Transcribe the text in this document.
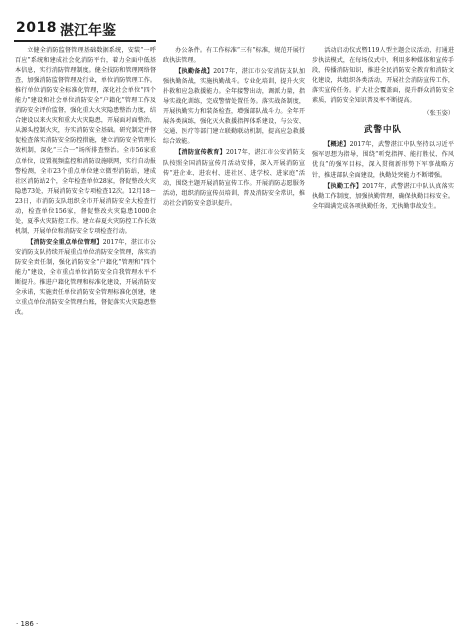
2018 湛江年鉴

立健全消防监督管理基础数据系统，安装“一呼百应”系统和建成社会化消防平台，着力全面中低基本信息，实行消防管理制度。健全技防和管理网络督查，加强消防监督管理及行业，单位消防管理工作。推行单位消防安全标准化管理，深化社会单位“四个能力”建设和社会单位消防安全“户籍化”管理工作及消防安全评价监督，强化重大火灾隐患整治力度，结合建设以来火灾和重大火灾隐患，开展面对面整治，从源头控制火灾，夯实消防安全基础。研究制定并督促检查落实消防安全防控措施，建立消防安全管理长效机制，深化“三合一”场所排查整治。全市56家重点单位，设置视频监控和消防设施联网，实行自动报警检测，全市23个重点单位建立微型消防站，建成社区消防站2个，全年检查单位28家，督促整改火灾隐患73处，开展消防安全专项检查12次。12月18～23日，市消防支队组织全市开展消防安全大检查行动，检查单位156家，督促整改火灾隐患1000余处，夏季火灾防控工作。建立春夏火灾防控工作长效机制，开展单位和消防安全专项检查行动。

【消防安全重点单位管理】2017年，湛江市公安消防支队持续开展重点单位消防安全管理，落实消防安全责任制，强化消防安全“户籍化”管理和“四个能力”建设，全市重点单位消防安全自我管理水平不断提升。推进户籍化管理和标准化建设，开展消防安全承诺，实施责任单位消防安全管理标准化创建，建立重点单位消防安全管理台账，督促落实火灾隐患整改。

办公条件。有工作标准“三有”标准，规范开展行政执法管理。

【执勤备战】2017年，湛江市公安消防支队加强执勤备战，实施执勤战斗。专业化培训，提升火灾扑救和应急救援能力。全年接警出动，调派力量，指导实战化训练，完成警情处置任务。落实战备制度，开展执勤实力和装备检查，增强部队战斗力。全年开展各类演练，强化灭火救援指挥体系建设，与公安、交通、医疗等部门建立联勤联动机制，提高应急救援综合效能。

【消防宣传教育】2017年，湛江市公安消防支队按照全国消防宣传月活动安排，深入开展消防宣传“进企业、进农村、进社区、进学校、进家庭”活动，围绕主题开展消防宣传工作。开展消防志愿服务活动，组织消防宣传员培训，普及消防安全常识，推动社会消防安全意识提升。

活动启动仪式暨119人型主题会议活动，打通进步执法模式，在每场仪式中，利用多种媒体和宣传手段，传播消防知识，推进全民消防安全教育和消防文化建设，共组织各类活动，开展社会消防宣传工作，落实宣传任务。扩大社会覆盖面，提升群众消防安全素质，消防安全知识普及率不断提高。

（张玉姿）

武警中队

【概述】2017年，武警湛江中队坚持以习近平强军思想为指导，围绕“听党指挥、能打胜仗、作风优良”的强军目标，深入贯彻新形势下军事战略方针，推进部队全面建设，执勤处突能力不断增强。

【执勤工作】2017年，武警湛江中队认真落实执勤工作制度，加强执勤管理，确保执勤目标安全。全年圆满完成各项执勤任务，无执勤事故发生。

· 186 ·
